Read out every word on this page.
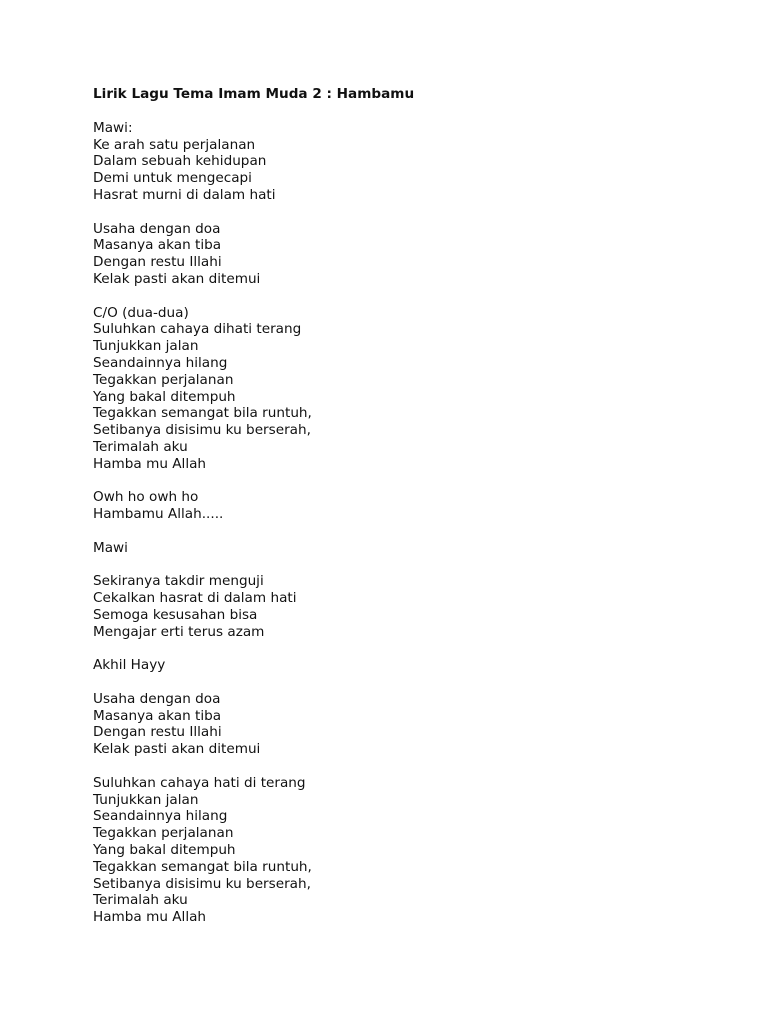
Lirik Lagu Tema Imam Muda 2 : Hambamu
Mawi:
Ke arah satu perjalanan
Dalam sebuah kehidupan
Demi untuk mengecapi
Hasrat murni di dalam hati
Usaha dengan doa
Masanya akan tiba
Dengan restu Illahi
Kelak pasti akan ditemui
C/O (dua-dua)
Suluhkan cahaya dihati terang
Tunjukkan jalan
Seandainnya hilang
Tegakkan perjalanan
Yang bakal ditempuh
Tegakkan semangat bila runtuh,
Setibanya disisimu ku berserah,
Terimalah aku
Hamba mu Allah
Owh ho owh ho
Hambamu Allah.....
Mawi
Sekiranya takdir menguji
Cekalkan hasrat di dalam hati
Semoga kesusahan bisa
Mengajar erti terus azam
Akhil Hayy
Usaha dengan doa
Masanya akan tiba
Dengan restu Illahi
Kelak pasti akan ditemui
Suluhkan cahaya hati di terang
Tunjukkan jalan
Seandainnya hilang
Tegakkan perjalanan
Yang bakal ditempuh
Tegakkan semangat bila runtuh,
Setibanya disisimu ku berserah,
Terimalah aku
Hamba mu Allah
